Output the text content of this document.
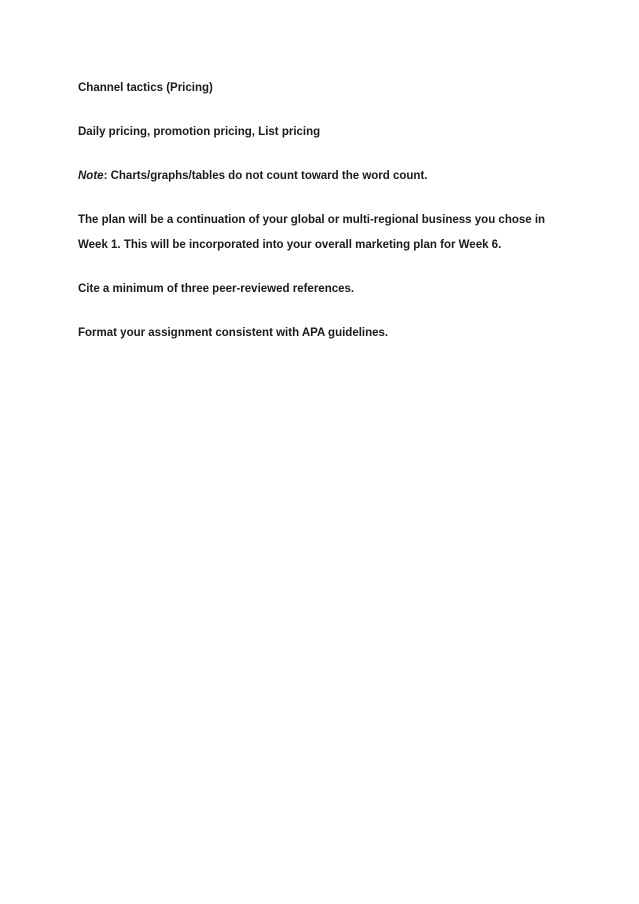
Channel tactics (Pricing)

Daily pricing, promotion pricing, List pricing

Note: Charts/graphs/tables do not count toward the word count.

The plan will be a continuation of your global or multi-regional business you chose in

Week 1. This will be incorporated into your overall marketing plan for Week 6.

Cite a minimum of three peer-reviewed references.

Format your assignment consistent with APA guidelines.
